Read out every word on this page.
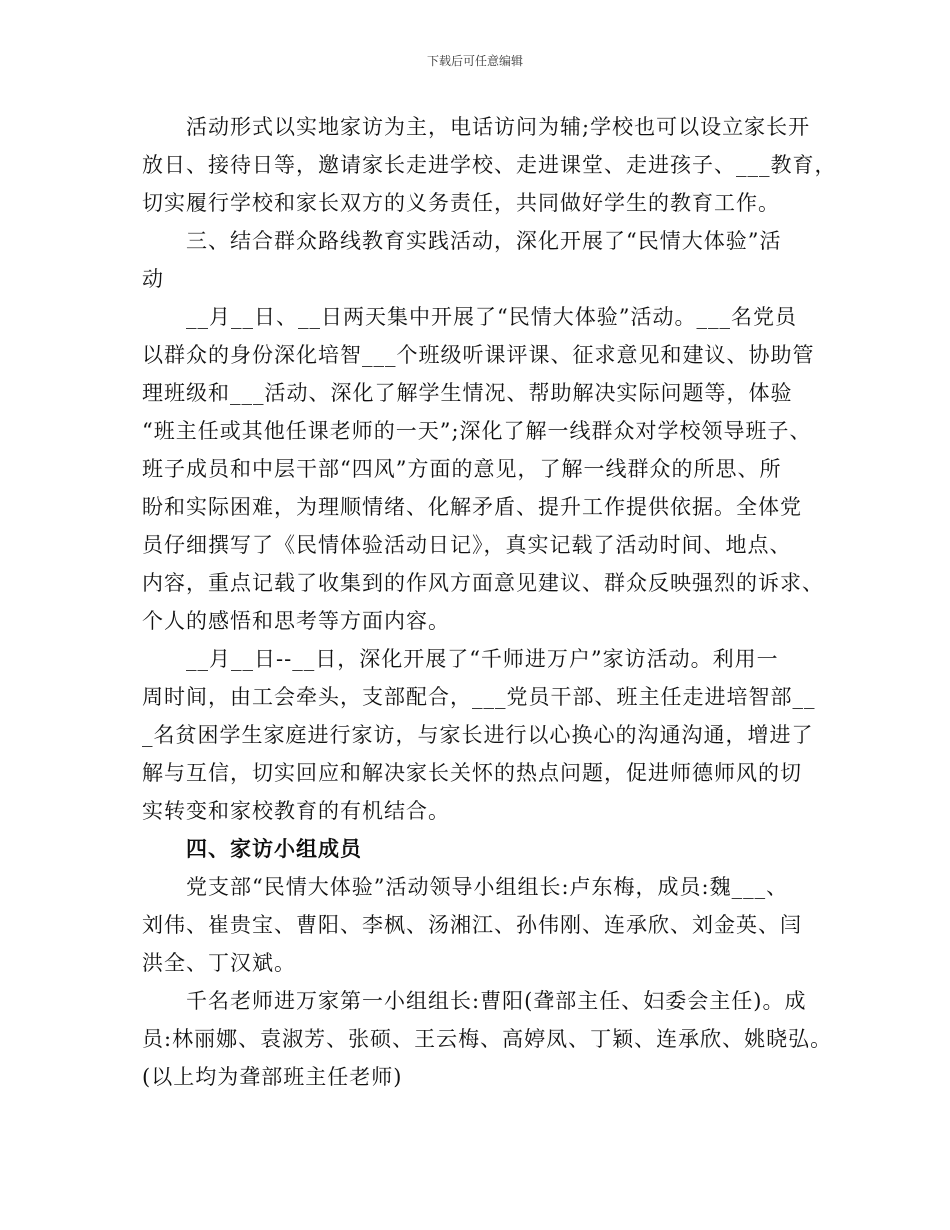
下载后可任意编辑
活动形式以实地家访为主，电话访问为辅;学校也可以设立家长开
放日、接待日等，邀请家长走进学校、走进课堂、走进孩子、___教育，
切实履行学校和家长双方的义务责任，共同做好学生的教育工作。
三、结合群众路线教育实践活动，深化开展了“民情大体验”活
动
__月__日、__日两天集中开展了“民情大体验”活动。___名党员
以群众的身份深化培智___个班级听课评课、征求意见和建议、协助管
理班级和___活动、深化了解学生情况、帮助解决实际问题等，体验
“班主任或其他任课老师的一天”;深化了解一线群众对学校领导班子、
班子成员和中层干部“四风”方面的意见，了解一线群众的所思、所
盼和实际困难，为理顺情绪、化解矛盾、提升工作提供依据。全体党
员仔细撰写了《民情体验活动日记》，真实记载了活动时间、地点、
内容，重点记载了收集到的作风方面意见建议、群众反映强烈的诉求、
个人的感悟和思考等方面内容。
__月__日--__日，深化开展了“千师进万户”家访活动。利用一
周时间，由工会牵头，支部配合，___党员干部、班主任走进培智部__
_名贫困学生家庭进行家访，与家长进行以心换心的沟通沟通，增进了
解与互信，切实回应和解决家长关怀的热点问题，促进师德师风的切
实转变和家校教育的有机结合。
四、家访小组成员
党支部“民情大体验”活动领导小组组长:卢东梅，成员:魏___、
刘伟、崔贵宝、曹阳、李枫、汤湘江、孙伟刚、连承欣、刘金英、闫
洪全、丁汉斌。
千名老师进万家第一小组组长:曹阳(聋部主任、妇委会主任)。成
员:林丽娜、袁淑芳、张硕、王云梅、高婷凤、丁颖、连承欣、姚晓弘。
(以上均为聋部班主任老师)
